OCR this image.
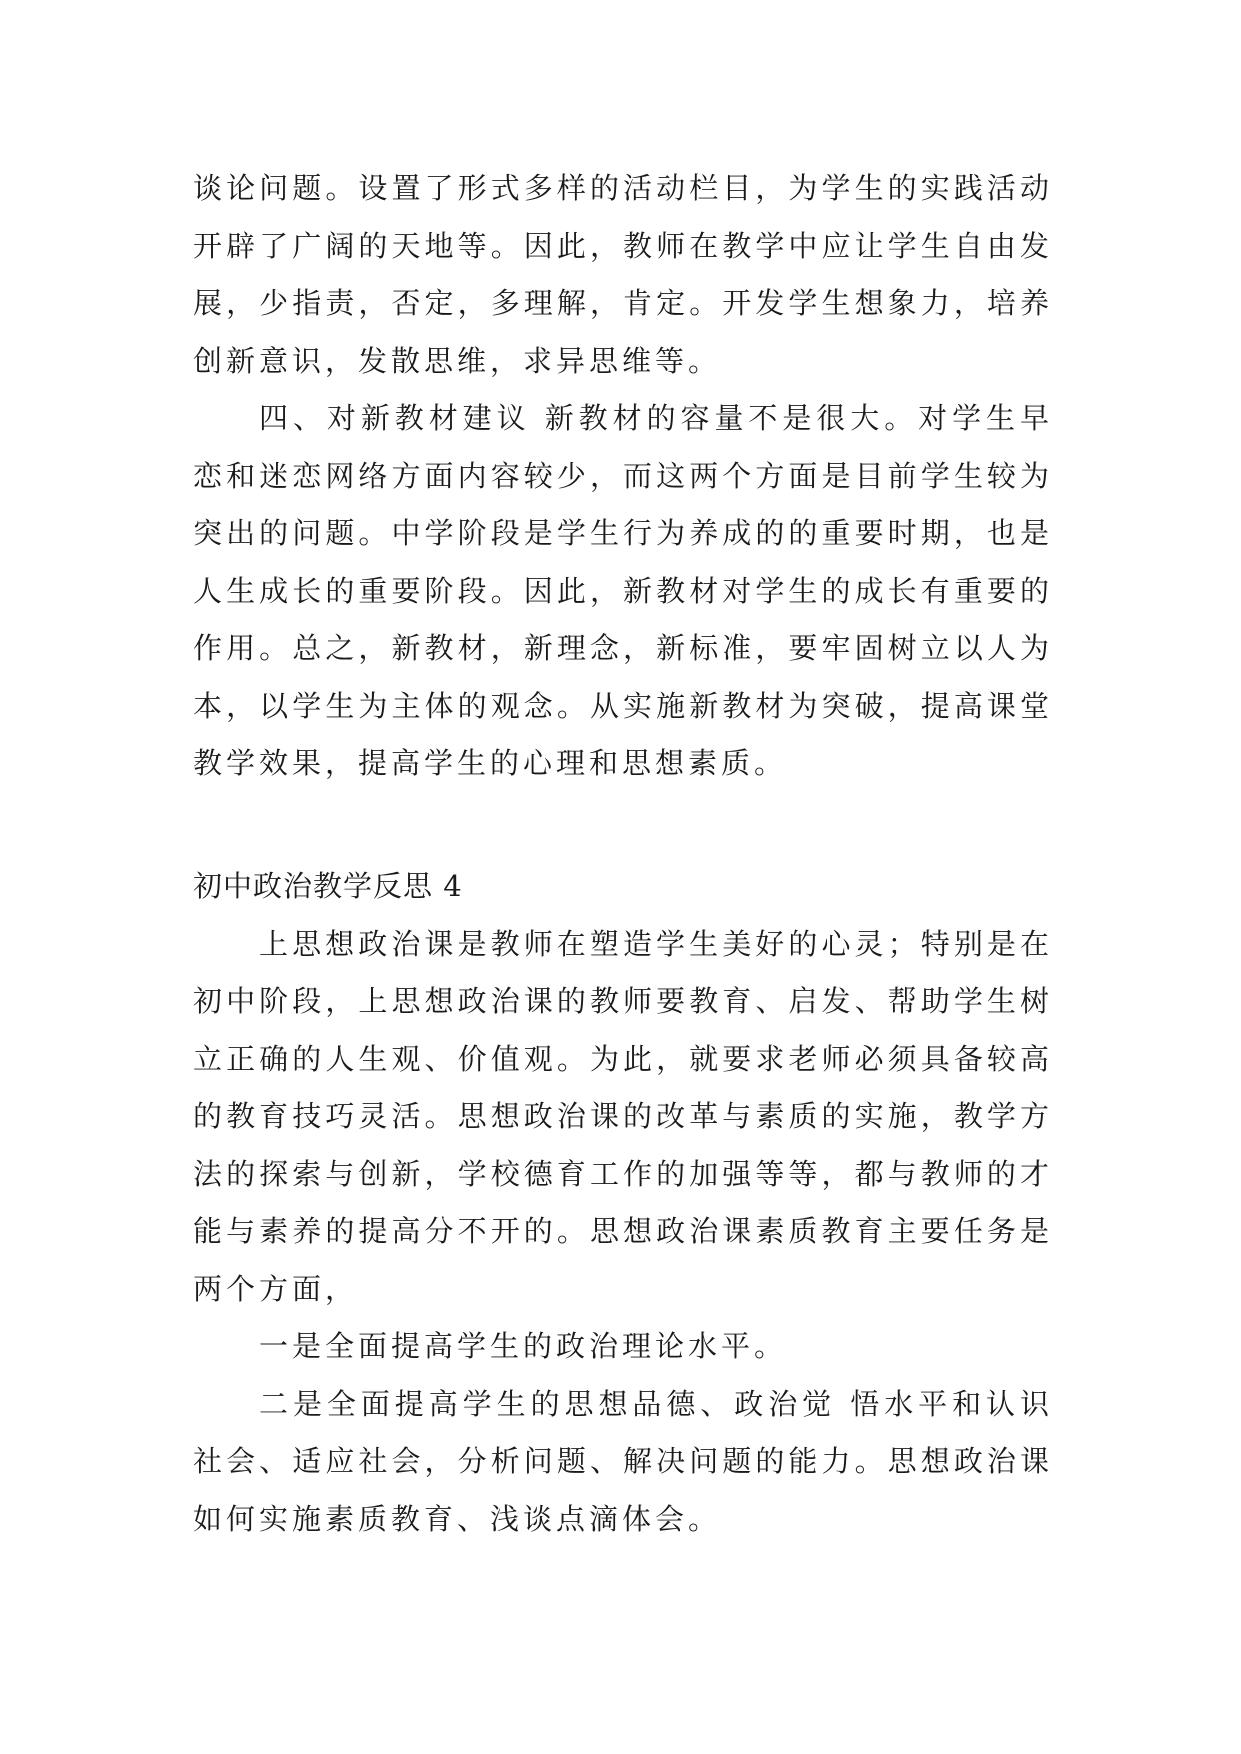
谈论问题。设置了形式多样的活动栏目，为学生的实践活动开辟了广阔的天地等。因此，教师在教学中应让学生自由发展，少指责，否定，多理解，肯定。开发学生想象力，培养创新意识，发散思维，求异思维等。

四、对新教材建议 新教材的容量不是很大。对学生早恋和迷恋网络方面内容较少，而这两个方面是目前学生较为突出的问题。中学阶段是学生行为养成的的重要时期，也是人生成长的重要阶段。因此，新教材对学生的成长有重要的作用。总之，新教材，新理念，新标准，要牢固树立以人为本，以学生为主体的观念。从实施新教材为突破，提高课堂教学效果，提高学生的心理和思想素质。

初中政治教学反思 4

上思想政治课是教师在塑造学生美好的心灵；特别是在初中阶段，上思想政治课的教师要教育、启发、帮助学生树立正确的人生观、价值观。为此，就要求老师必须具备较高的教育技巧灵活。思想政治课的改革与素质的实施，教学方法的探索与创新，学校德育工作的加强等等，都与教师的才能与素养的提高分不开的。思想政治课素质教育主要任务是两个方面，

一是全面提高学生的政治理论水平。

二是全面提高学生的思想品德、政治觉 悟水平和认识社会、适应社会，分析问题、解决问题的能力。思想政治课如何实施素质教育、浅谈点滴体会。
